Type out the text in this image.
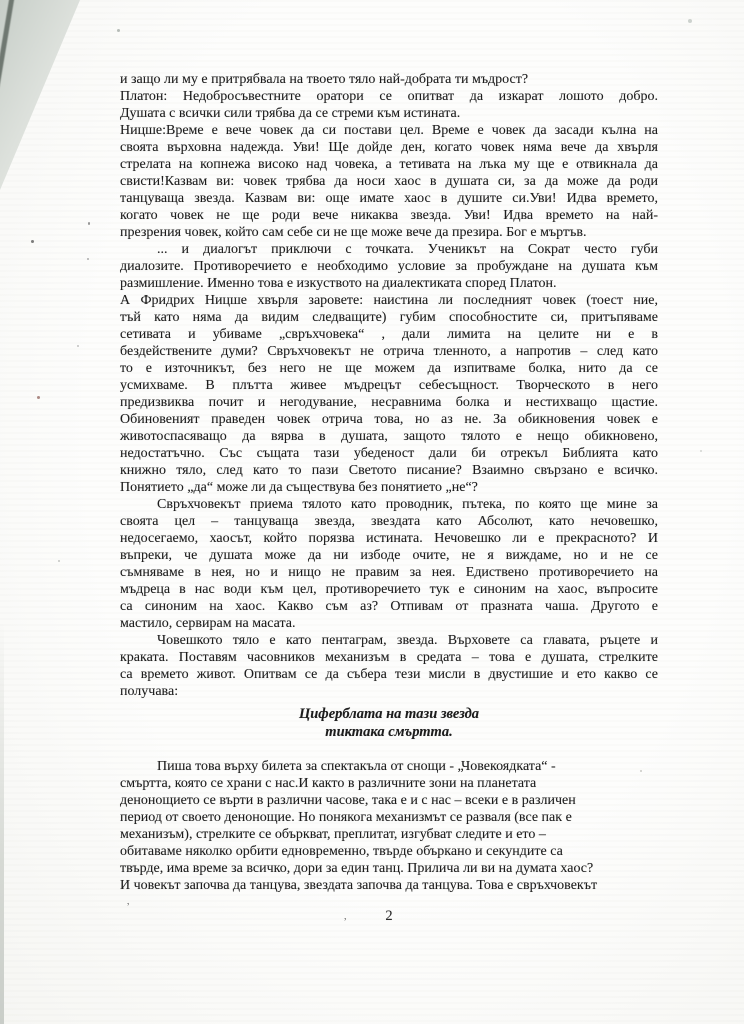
‚
,
и защо ли му е притрябвала на твоето тяло най-добрата ти мъдрост?
Платон: Недобросъвестните оратори се опитват да изкарат лошото добро.
Душата с всички сили трябва да се стреми към истината.
Ницше:Време е вече човек да си постави цел. Време е човек да засади кълна на
своята върховна надежда. Уви! Ще дойде ден, когато човек няма вече да хвърля
стрелата на копнежа високо над човека, а тетивата на лъка му ще е отвикнала да
свисти!Казвам ви: човек трябва да носи хаос в душата си, за да може да роди
танцуваща звезда. Казвам ви: още имате хаос в душите си.Уви! Идва времето,
когато човек не ще роди вече никаква звезда. Уви! Идва времето на най-
презрения човек, който сам себе си не ще може вече да презира. Бог е мъртъв.
... и диалогът приключи с точката. Ученикът на Сократ често губи
диалозите. Противоречието е необходимо условие за пробуждане на душата към
размишление. Именно това е изкуството на диалектиката според Платон.
А Фридрих Ницше хвърля заровете: наистина ли последният човек (тоест ние,
тъй като няма да видим следващите) губим способностите си, притъпяваме
сетивата и убиваме „свръхчовека“ , дали лимита на целите ни е в
бездействените думи? Свръхчовекът не отрича тленното, а напротив – след като
то е източникът, без него не ще можем да изпитваме болка, нито да се
усмихваме. В плътта живее мъдрецът себесъщност. Творческото в него
предизвиква почит и негодувание, несравнима болка и нестихващо щастие.
Обиновеният праведен човек отрича това, но аз не. За обикновения човек е
животоспасяващо да вярва в душата, защото тялото е нещо обикновено,
недостатъчно. Със същата тази убеденост дали би отрекъл Библията като
книжно тяло, след като то пази Светото писание? Взаимно свързано е всичко.
Понятието „да“ може ли да съществува без понятието „не“?
Свръхчовекът приема тялото като проводник, пътека, по която ще мине за
своята цел – танцуваща звезда, звездата като Абсолют, като нечовешко,
недосегаемо, хаосът, който порязва истината. Нечовешко ли е прекрасното? И
въпреки, че душата може да ни избоде очите, не я виждаме, но и не се
съмняваме в нея, но и нищо не правим за нея. Едиствено противоречието на
мъдреца в нас води към цел, противоречието тук е синоним на хаос, въпросите
са синоним на хаос. Какво съм аз? Отпивам от празната чаша. Другото е
мастило, сервирам на масата.
Човешкото тяло е като пентаграм, звезда. Върховете са главата, ръцете и
краката. Поставям часовников механизъм в средата – това е душата, стрелките
са времето живот. Опитвам се да събера тези мисли в двустишие и ето какво се
получава:
Циферблата на тази звезда
тиктака смъртта.
Пиша това върху билета за спектакъла от снощи - „Човекоядката“ -
смъртта, която се храни с нас.И както в различните зони на планетата
денонощието се върти в различни часове, така е и с нас – всеки е в различен
период от своето денонощие. Но понякога механизмът се разваля (все пак е
механизъм), стрелките се объркват, преплитат, изгубват следите и ето –
обитаваме няколко орбити едновременно, твърде объркано и секундите са
твърде, има време за всичко, дори за един танц. Прилича ли ви на думата хаос?
И човекът започва да танцува, звездата започва да танцува. Това е свръхчовекът
2
